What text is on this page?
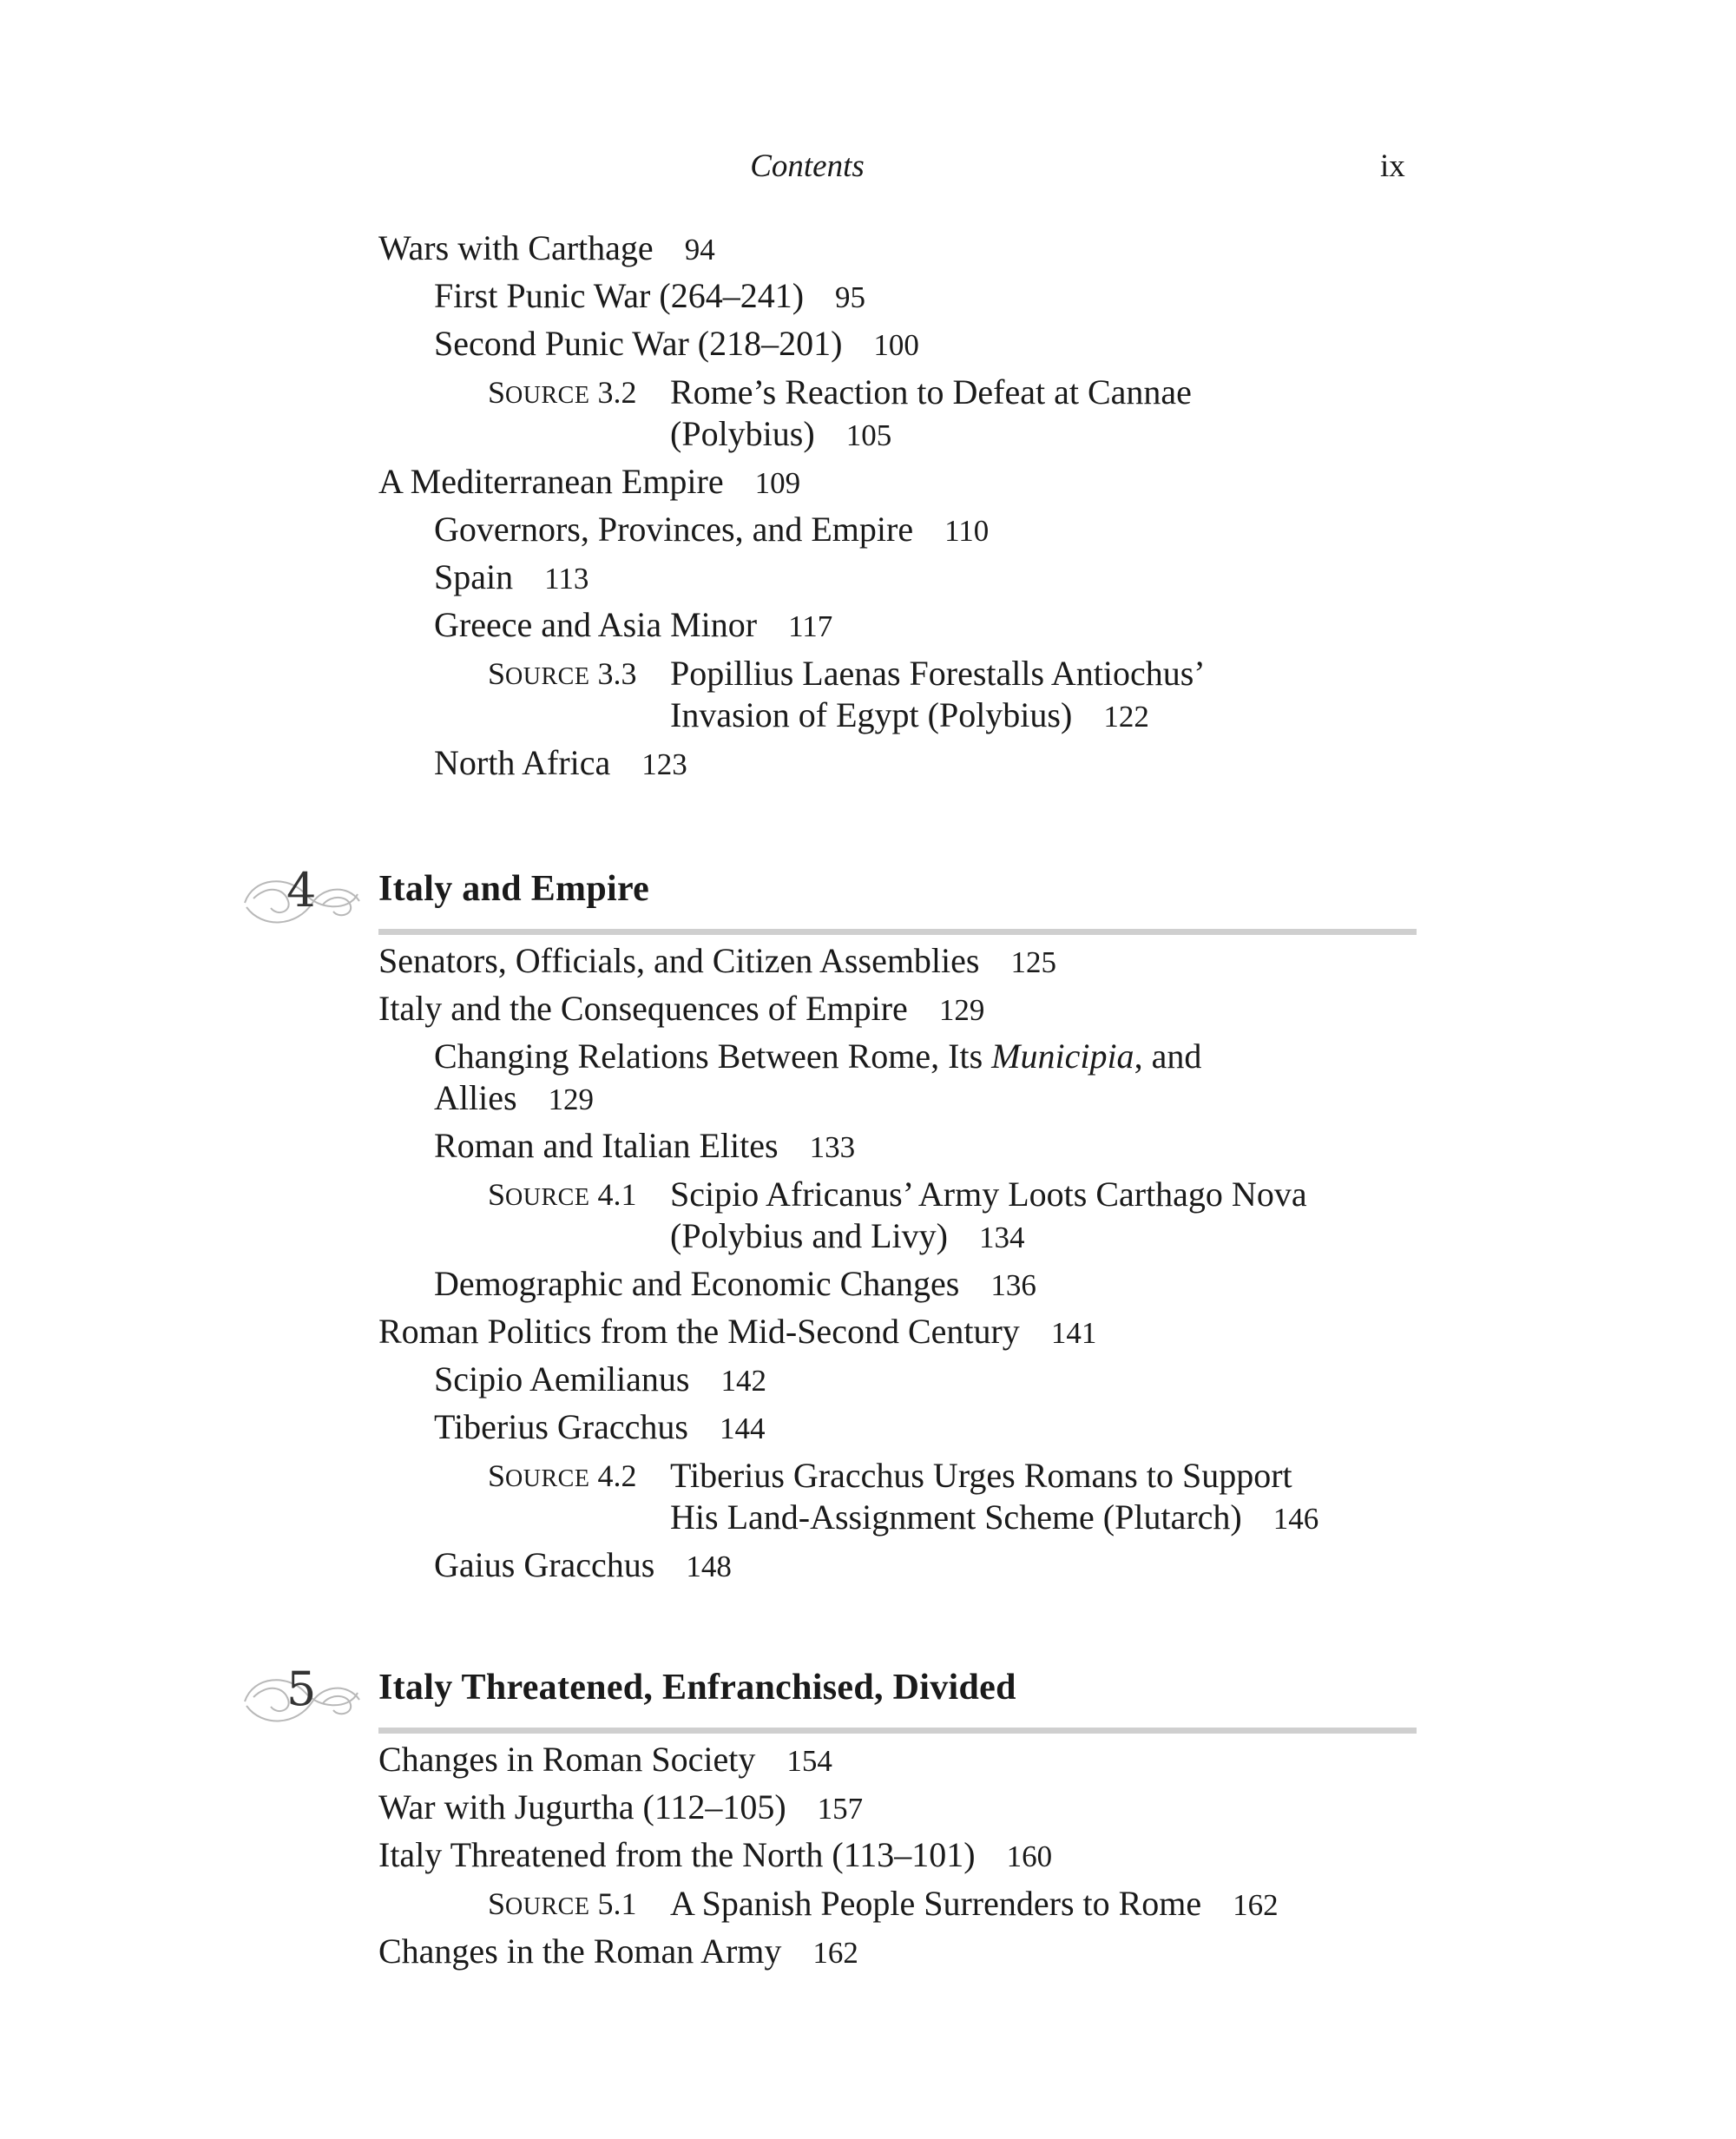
Contents	ix
Wars with Carthage 94
First Punic War (264–241) 95
Second Punic War (218–201) 100
SOURCE 3.2 Rome’s Reaction to Defeat at Cannae
(Polybius) 105
A Mediterranean Empire 109
Governors, Provinces, and Empire 110
Spain 113
Greece and Asia Minor 117
SOURCE 3.3 Popillius Laenas Forestalls Antiochus’
Invasion of Egypt (Polybius) 122
North Africa 123
4 Italy and Empire
Senators, Officials, and Citizen Assemblies 125
Italy and the Consequences of Empire 129
Changing Relations Between Rome, Its Municipia, and
Allies 129
Roman and Italian Elites 133
SOURCE 4.1 Scipio Africanus’ Army Loots Carthago Nova
(Polybius and Livy) 134
Demographic and Economic Changes 136
Roman Politics from the Mid-Second Century 141
Scipio Aemilianus 142
Tiberius Gracchus 144
SOURCE 4.2 Tiberius Gracchus Urges Romans to Support
His Land-Assignment Scheme (Plutarch) 146
Gaius Gracchus 148
5 Italy Threatened, Enfranchised, Divided
Changes in Roman Society 154
War with Jugurtha (112–105) 157
Italy Threatened from the North (113–101) 160
SOURCE 5.1 A Spanish People Surrenders to Rome 162
Changes in the Roman Army 162
